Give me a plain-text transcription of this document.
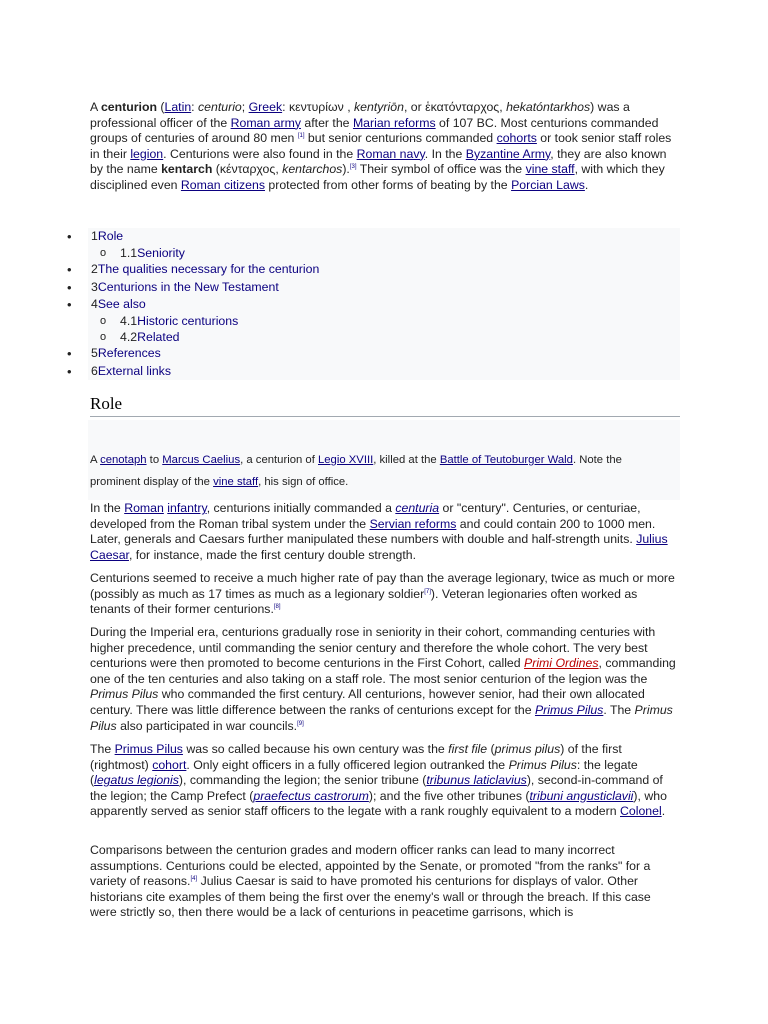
A centurion (Latin: centurio; Greek: κεντυρίων , kentyriōn, or ἑκατόνταρχος, hekatóntarkhos) was a professional officer of the Roman army after the Marian reforms of 107 BC. Most centurions commanded groups of centuries of around 80 men [1] but senior centurions commanded cohorts or took senior staff roles in their legion. Centurions were also found in the Roman navy. In the Byzantine Army, they are also known by the name kentarch (κένταρχος, kentarchos).[3] Their symbol of office was the vine staff, with which they disciplined even Roman citizens protected from other forms of beating by the Porcian Laws.

• 1Role
o 1.1Seniority
• 2The qualities necessary for the centurion
• 3Centurions in the New Testament
• 4See also
o 4.1Historic centurions
o 4.2Related
• 5References
• 6External links
Role

A cenotaph to Marcus Caelius, a centurion of Legio XVIII, killed at the Battle of Teutoburger Wald. Note the prominent display of the vine staff, his sign of office.

In the Roman infantry, centurions initially commanded a centuria or "century". Centuries, or centuriae, developed from the Roman tribal system under the Servian reforms and could contain 200 to 1000 men. Later, generals and Caesars further manipulated these numbers with double and half-strength units. Julius Caesar, for instance, made the first century double strength.

Centurions seemed to receive a much higher rate of pay than the average legionary, twice as much or more (possibly as much as 17 times as much as a legionary soldier[7]). Veteran legionaries often worked as tenants of their former centurions.[8]

During the Imperial era, centurions gradually rose in seniority in their cohort, commanding centuries with higher precedence, until commanding the senior century and therefore the whole cohort. The very best centurions were then promoted to become centurions in the First Cohort, called Primi Ordines, commanding one of the ten centuries and also taking on a staff role. The most senior centurion of the legion was the Primus Pilus who commanded the first century. All centurions, however senior, had their own allocated century. There was little difference between the ranks of centurions except for the Primus Pilus. The Primus Pilus also participated in war councils.[9]

The Primus Pilus was so called because his own century was the first file (primus pilus) of the first (rightmost) cohort. Only eight officers in a fully officered legion outranked the Primus Pilus: the legate (legatus legionis), commanding the legion; the senior tribune (tribunus laticlavius), second-in-command of the legion; the Camp Prefect (praefectus castrorum); and the five other tribunes (tribuni angusticlavii), who apparently served as senior staff officers to the legate with a rank roughly equivalent to a modern Colonel.

Comparisons between the centurion grades and modern officer ranks can lead to many incorrect assumptions. Centurions could be elected, appointed by the Senate, or promoted "from the ranks" for a variety of reasons.[4] Julius Caesar is said to have promoted his centurions for displays of valor. Other historians cite examples of them being the first over the enemy's wall or through the breach. If this case were strictly so, then there would be a lack of centurions in peacetime garrisons, which is
